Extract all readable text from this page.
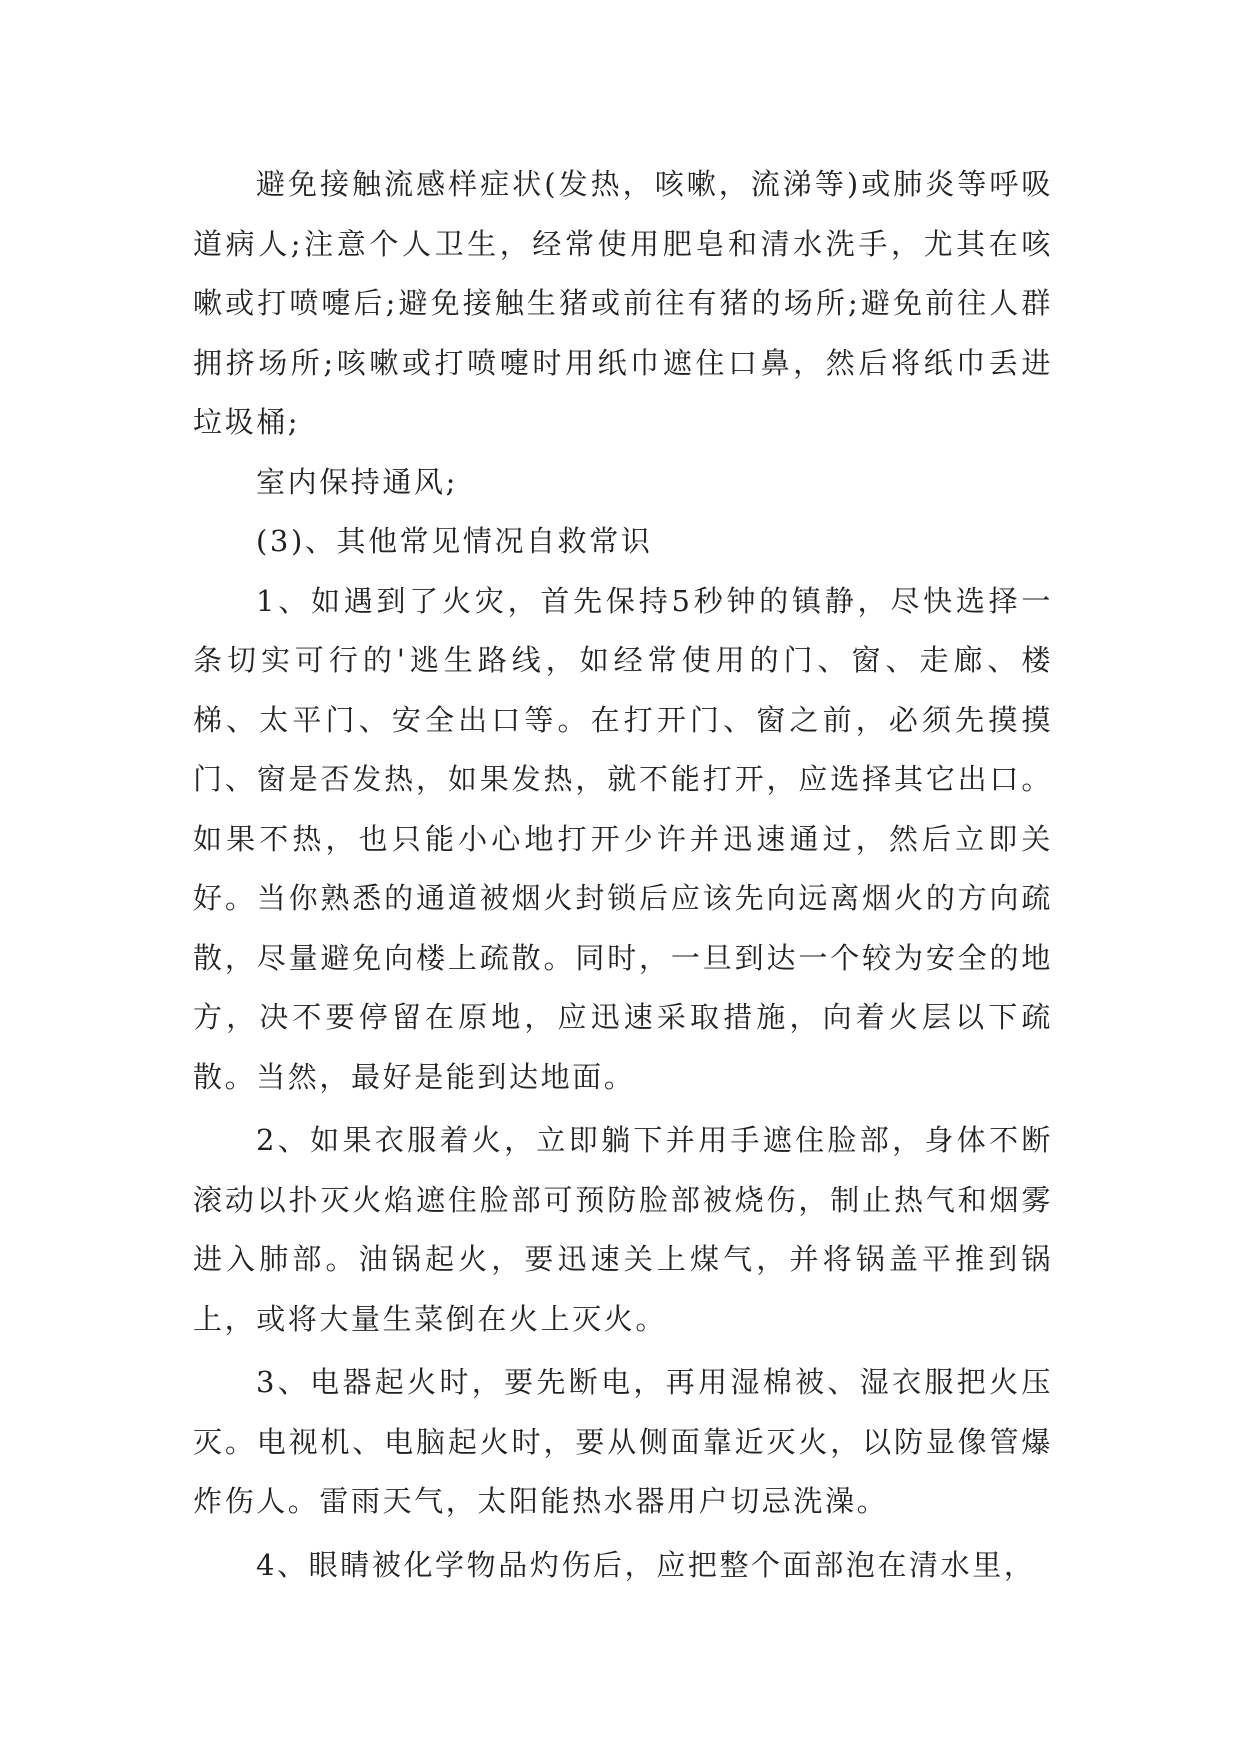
避免接触流感样症状(发热，咳嗽，流涕等)或肺炎等呼吸道病人;注意个人卫生，经常使用肥皂和清水洗手，尤其在咳嗽或打喷嚏后;避免接触生猪或前往有猪的场所;避免前往人群拥挤场所;咳嗽或打喷嚏时用纸巾遮住口鼻，然后将纸巾丢进垃圾桶;

室内保持通风;

(3)、其他常见情况自救常识

1、如遇到了火灾，首先保持5秒钟的镇静，尽快选择一条切实可行的'逃生路线，如经常使用的门、窗、走廊、楼梯、太平门、安全出口等。在打开门、窗之前，必须先摸摸门、窗是否发热，如果发热，就不能打开，应选择其它出口。如果不热，也只能小心地打开少许并迅速通过，然后立即关好。当你熟悉的通道被烟火封锁后应该先向远离烟火的方向疏散，尽量避免向楼上疏散。同时，一旦到达一个较为安全的地方，决不要停留在原地，应迅速采取措施，向着火层以下疏散。当然，最好是能到达地面。

2、如果衣服着火，立即躺下并用手遮住脸部，身体不断滚动以扑灭火焰遮住脸部可预防脸部被烧伤，制止热气和烟雾进入肺部。油锅起火，要迅速关上煤气，并将锅盖平推到锅上，或将大量生菜倒在火上灭火。

3、电器起火时，要先断电，再用湿棉被、湿衣服把火压灭。电视机、电脑起火时，要从侧面靠近灭火，以防显像管爆炸伤人。雷雨天气，太阳能热水器用户切忌洗澡。

4、眼睛被化学物品灼伤后，应把整个面部泡在清水里，
